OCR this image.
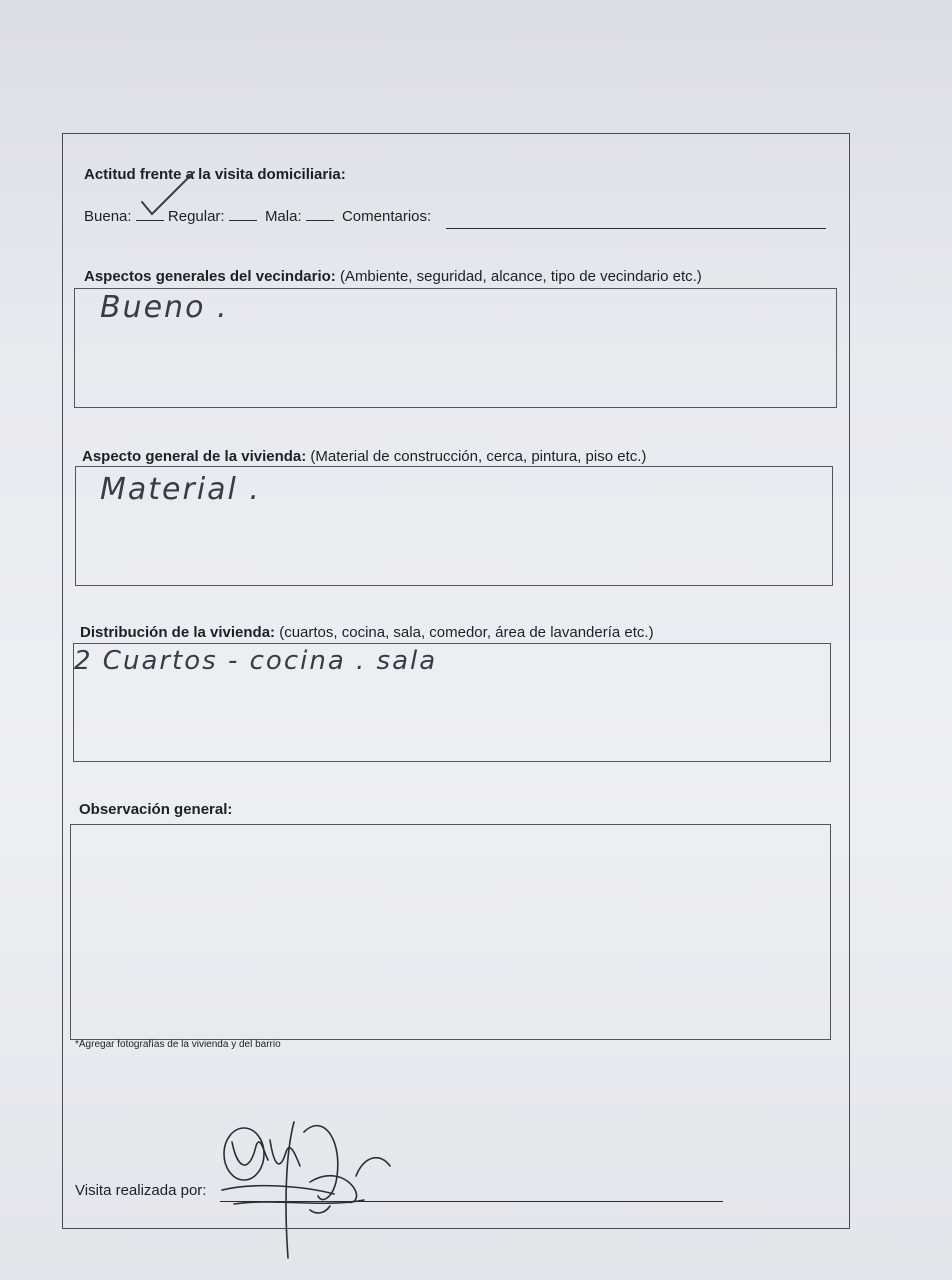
Actitud frente a la visita domiciliaria:
Buena: Regular:	Mala:	Comentarios:
Aspectos generales del vecindario: (Ambiente, seguridad, alcance, tipo de vecindario etc.)
Bueno .
Aspecto general de la vivienda: (Material de construcción, cerca, pintura, piso etc.)
Material .
Distribución de la vivienda: (cuartos, cocina, sala, comedor, área de lavandería etc.)
2 Cuartos - cocina . sala
Observación general:
*Agregar fotografías de la vivienda y del barrio
Visita realizada por:
